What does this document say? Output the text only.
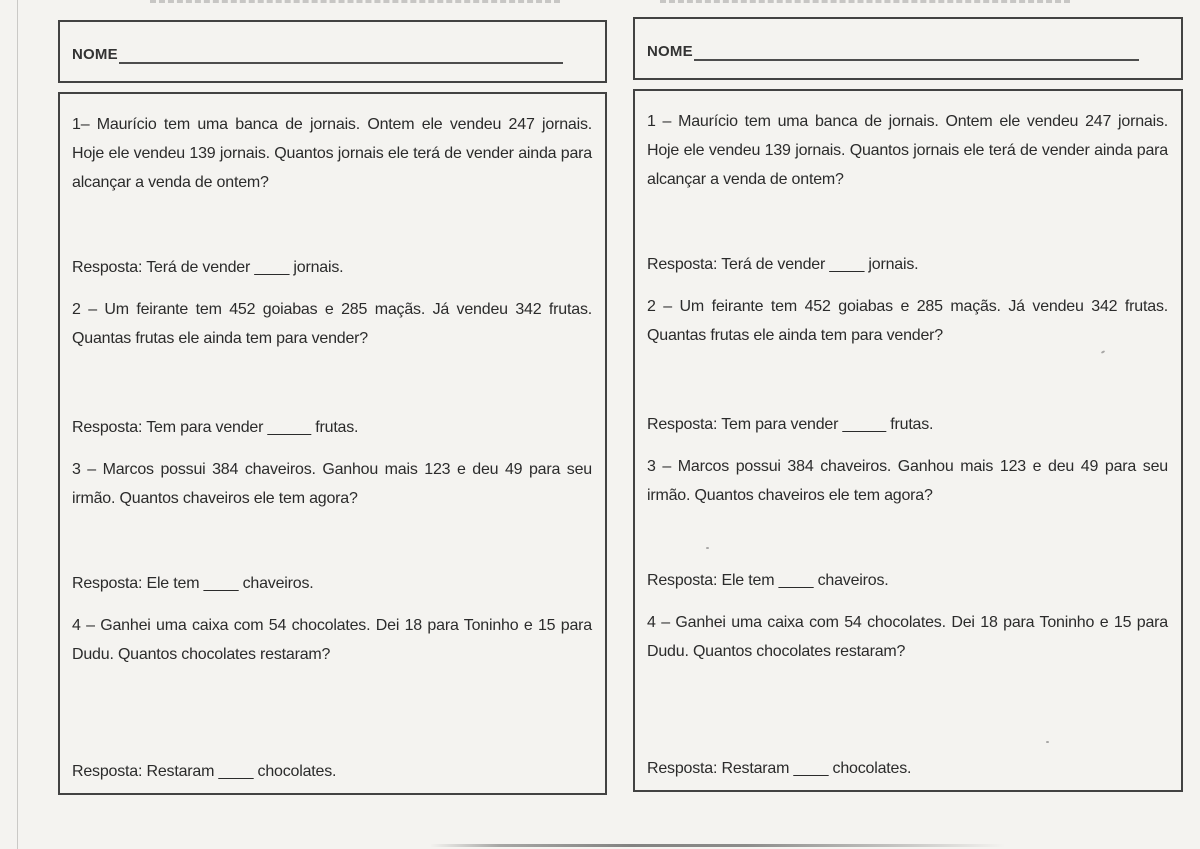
NOME

1– Maurício tem uma banca de jornais. Ontem ele vendeu 247 jornais. Hoje ele vendeu 139 jornais. Quantos jornais ele terá de vender ainda para alcançar a venda de ontem?

Resposta: Terá de vender ____ jornais.

2 – Um feirante tem 452 goiabas e 285 maçãs. Já vendeu 342 frutas. Quantas frutas ele ainda tem para vender?

Resposta: Tem para vender _____ frutas.

3 – Marcos possui 384 chaveiros. Ganhou mais 123 e deu 49 para seu irmão. Quantos chaveiros ele tem agora?

Resposta: Ele tem ____ chaveiros.

4 – Ganhei uma caixa com 54 chocolates. Dei 18 para Toninho e 15 para Dudu. Quantos chocolates restaram?

Resposta: Restaram ____ chocolates.

NOME

1 – Maurício tem uma banca de jornais. Ontem ele vendeu 247 jornais. Hoje ele vendeu 139 jornais. Quantos jornais ele terá de vender ainda para alcançar a venda de ontem?

Resposta: Terá de vender ____ jornais.

2 – Um feirante tem 452 goiabas e 285 maçãs. Já vendeu 342 frutas. Quantas frutas ele ainda tem para vender?

Resposta: Tem para vender _____ frutas.

3 – Marcos possui 384 chaveiros. Ganhou mais 123 e deu 49 para seu irmão. Quantos chaveiros ele tem agora?

Resposta: Ele tem ____ chaveiros.

4 – Ganhei uma caixa com 54 chocolates. Dei 18 para Toninho e 15 para Dudu. Quantos chocolates restaram?

Resposta: Restaram ____ chocolates.
